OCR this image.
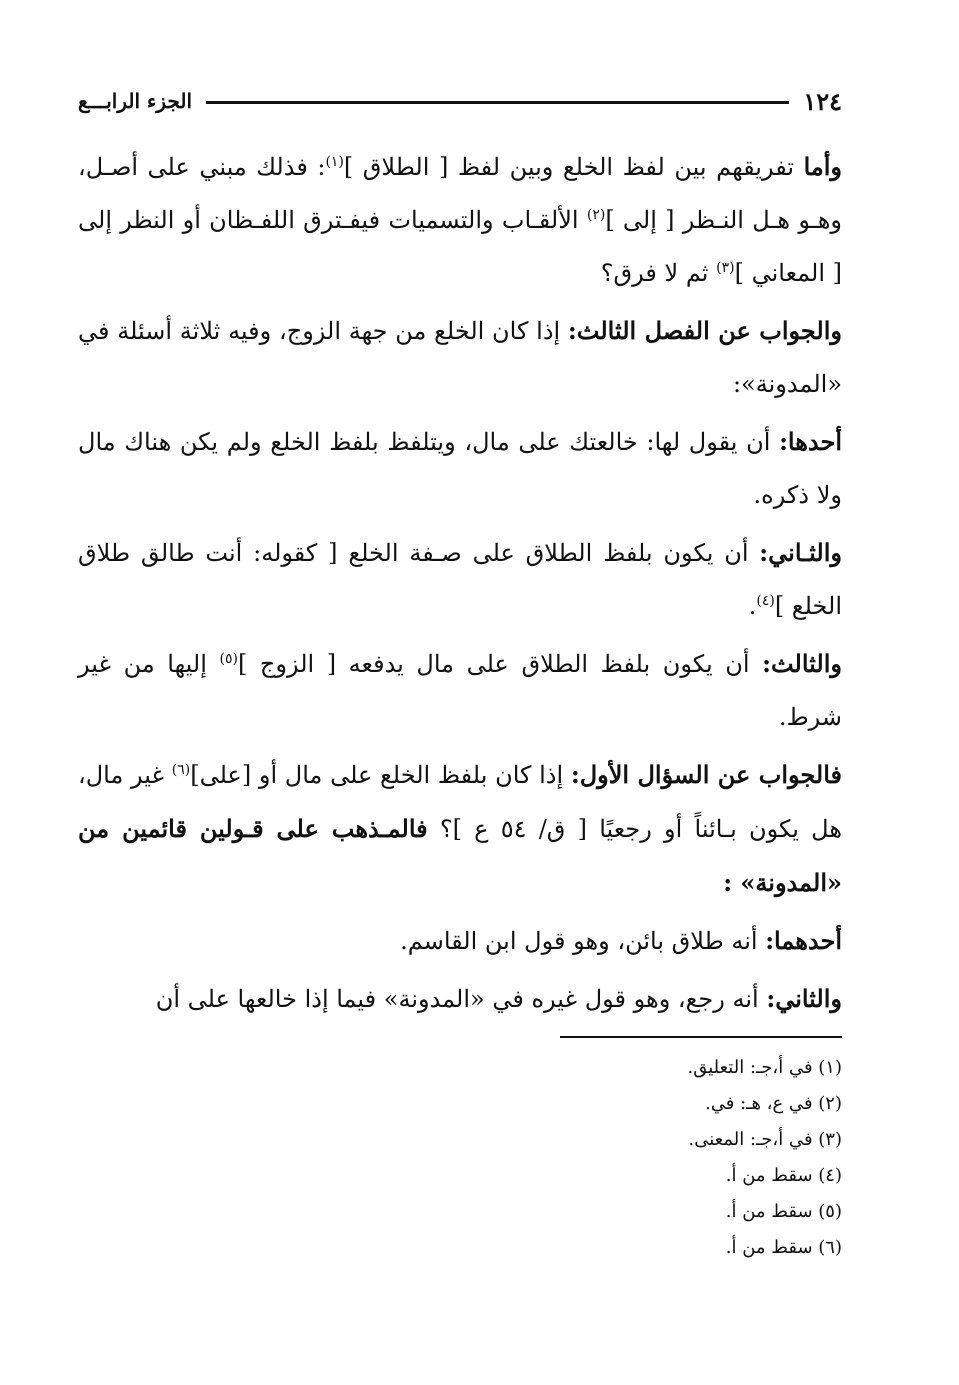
١٢٤
الجزء الرابـــع

وأما تفريقهم بين لفظ الخلع وبين لفظ [ الطلاق ]$^{(١)}$: فذلك مبني على أصـل، وهـو هـل النـظر [ إلى ]$^{(٢)}$ الألقـاب والتسميات فيفـترق اللفـظان أو النظر إلى [ المعاني ]$^{(٣)}$ ثم لا فرق؟

والجواب عن الفصل الثالث: إذا كان الخلع من جهة الزوج، وفيه ثلاثة أسئلة في «المدونة»:

أحدها: أن يقول لها: خالعتك على مال، ويتلفظ بلفظ الخلع ولم يكن هناك مال ولا ذكره.

والثـاني: أن يكون بلفظ الطلاق على صـفة الخلع [ كقوله: أنت طالق طلاق الخلع ]$^{(٤)}$.

والثالث: أن يكون بلفظ الطلاق على مال يدفعه [ الزوج ]$^{(٥)}$ إليها من غير شرط.

فالجواب عن السؤال الأول: إذا كان بلفظ الخلع على مال أو [على]$^{(٦)}$ غير مال، هل يكون بـائناً أو رجعيًا [ ق/ ٥٤ ع ]؟ فالمـذهب على قـولين قائمين من «المدونة» :

أحدهما: أنه طلاق بائن، وهو قول ابن القاسم.

والثاني: أنه رجع، وهو قول غيره في «المدونة» فيما إذا خالعها على أن

(١) في أ،جـ: التعليق.
(٢) في ع، هـ: في.
(٣) في أ،جـ: المعنى.
(٤) سقط من أ.
(٥) سقط من أ.
(٦) سقط من أ.
